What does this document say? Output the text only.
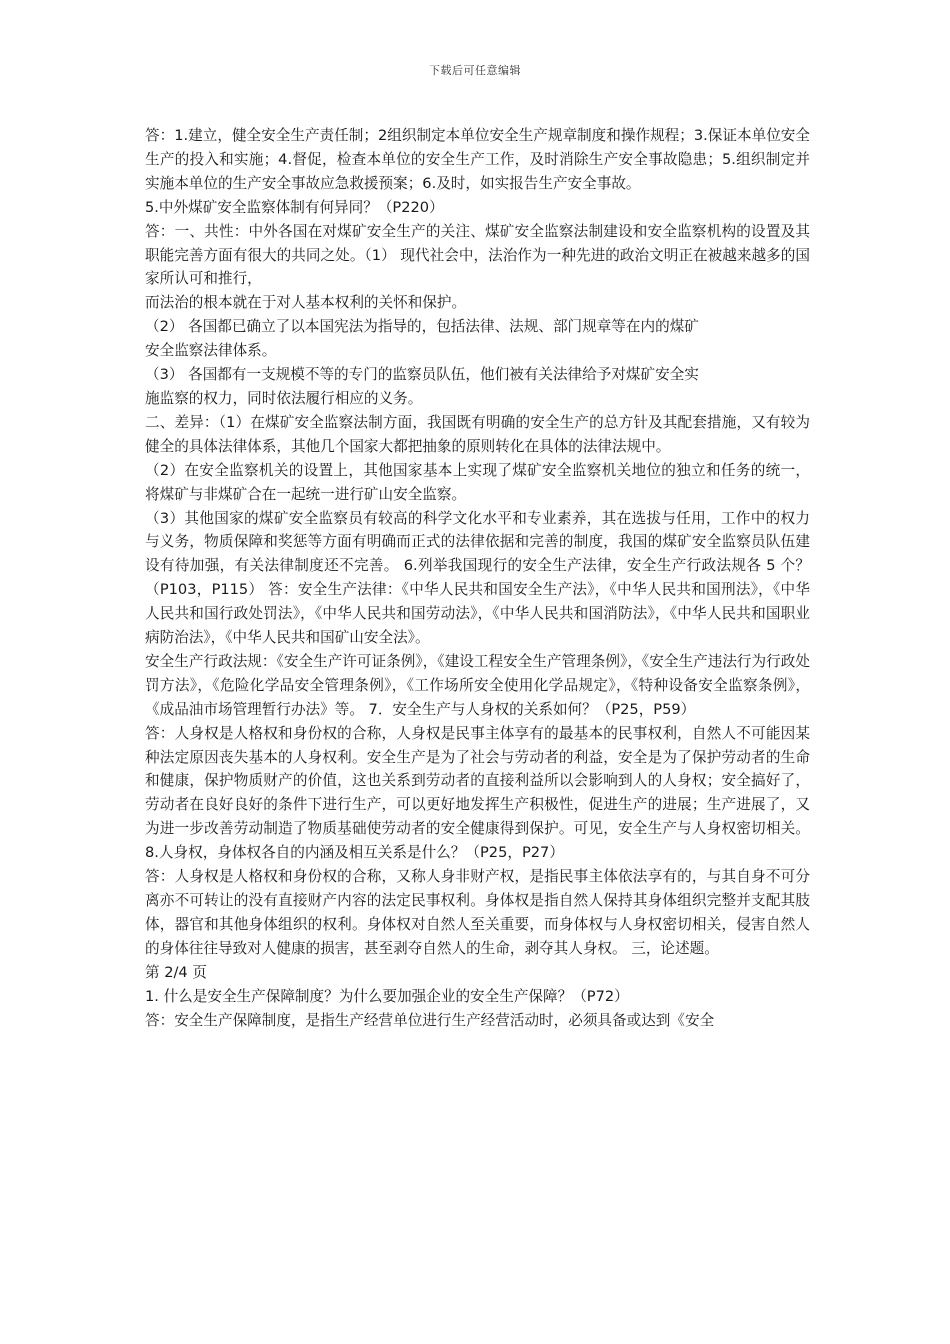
下载后可任意编辑

答：1.建立，健全安全生产责任制；2组织制定本单位安全生产规章制度和操作规程；3.保证本单位安全生产的投入和实施；4.督促，检查本单位的安全生产工作，及时消除生产安全事故隐患；5.组织制定并实施本单位的生产安全事故应急救援预案；6.及时，如实报告生产安全事故。

5.中外煤矿安全监察体制有何异同？（P220）

答：一、共性：中外各国在对煤矿安全生产的关注、煤矿安全监察法制建设和安全监察机构的设置及其职能完善方面有很大的共同之处。（1） 现代社会中，法治作为一种先进的政治文明正在被越来越多的国家所认可和推行，

而法治的根本就在于对人基本权利的关怀和保护。

（2） 各国都已确立了以本国宪法为指导的，包括法律、法规、部门规章等在内的煤矿

安全监察法律体系。

（3） 各国都有一支规模不等的专门的监察员队伍，他们被有关法律给予对煤矿安全实

施监察的权力，同时依法履行相应的义务。

二、差异：（1）在煤矿安全监察法制方面，我国既有明确的安全生产的总方针及其配套措施，又有较为健全的具体法律体系，其他几个国家大都把抽象的原则转化在具体的法律法规中。

（2）在安全监察机关的设置上，其他国家基本上实现了煤矿安全监察机关地位的独立和任务的统一，将煤矿与非煤矿合在一起统一进行矿山安全监察。

（3）其他国家的煤矿安全监察员有较高的科学文化水平和专业素养，其在选拔与任用，工作中的权力与义务，物质保障和奖惩等方面有明确而正式的法律依据和完善的制度，我国的煤矿安全监察员队伍建设有待加强，有关法律制度还不完善。 6.列举我国现行的安全生产法律，安全生产行政法规各 5 个？（P103，P115） 答：安全生产法律：《中华人民共和国安全生产法》，《中华人民共和国刑法》，《中华人民共和国行政处罚法》，《中华人民共和国劳动法》，《中华人民共和国消防法》，《中华人民共和国职业病防治法》，《中华人民共和国矿山安全法》。

安全生产行政法规：《安全生产许可证条例》，《建设工程安全生产管理条例》，《安全生产违法行为行政处罚方法》，《危险化学品安全管理条例》，《工作场所安全使用化学品规定》，《特种设备安全监察条例》，《成品油市场管理暂行办法》等。 7．安全生产与人身权的关系如何？（P25，P59）

答：人身权是人格权和身份权的合称，人身权是民事主体享有的最基本的民事权利，自然人不可能因某种法定原因丧失基本的人身权利。安全生产是为了社会与劳动者的利益，安全是为了保护劳动者的生命和健康，保护物质财产的价值，这也关系到劳动者的直接利益所以会影响到人的人身权；安全搞好了，劳动者在良好良好的条件下进行生产，可以更好地发挥生产积极性，促进生产的进展；生产进展了，又为进一步改善劳动制造了物质基础使劳动者的安全健康得到保护。可见，安全生产与人身权密切相关。 8.人身权，身体权各自的内涵及相互关系是什么？（P25，P27）

答：人身权是人格权和身份权的合称，又称人身非财产权，是指民事主体依法享有的，与其自身不可分离亦不可转让的没有直接财产内容的法定民事权利。身体权是指自然人保持其身体组织完整并支配其肢体，器官和其他身体组织的权利。身体权对自然人至关重要，而身体权与人身权密切相关，侵害自然人的身体往往导致对人健康的损害，甚至剥夺自然人的生命，剥夺其人身权。 三，论述题。

第 2/4 页

1. 什么是安全生产保障制度？为什么要加强企业的安全生产保障？（P72）

答：安全生产保障制度，是指生产经营单位进行生产经营活动时，必须具备或达到《安全
